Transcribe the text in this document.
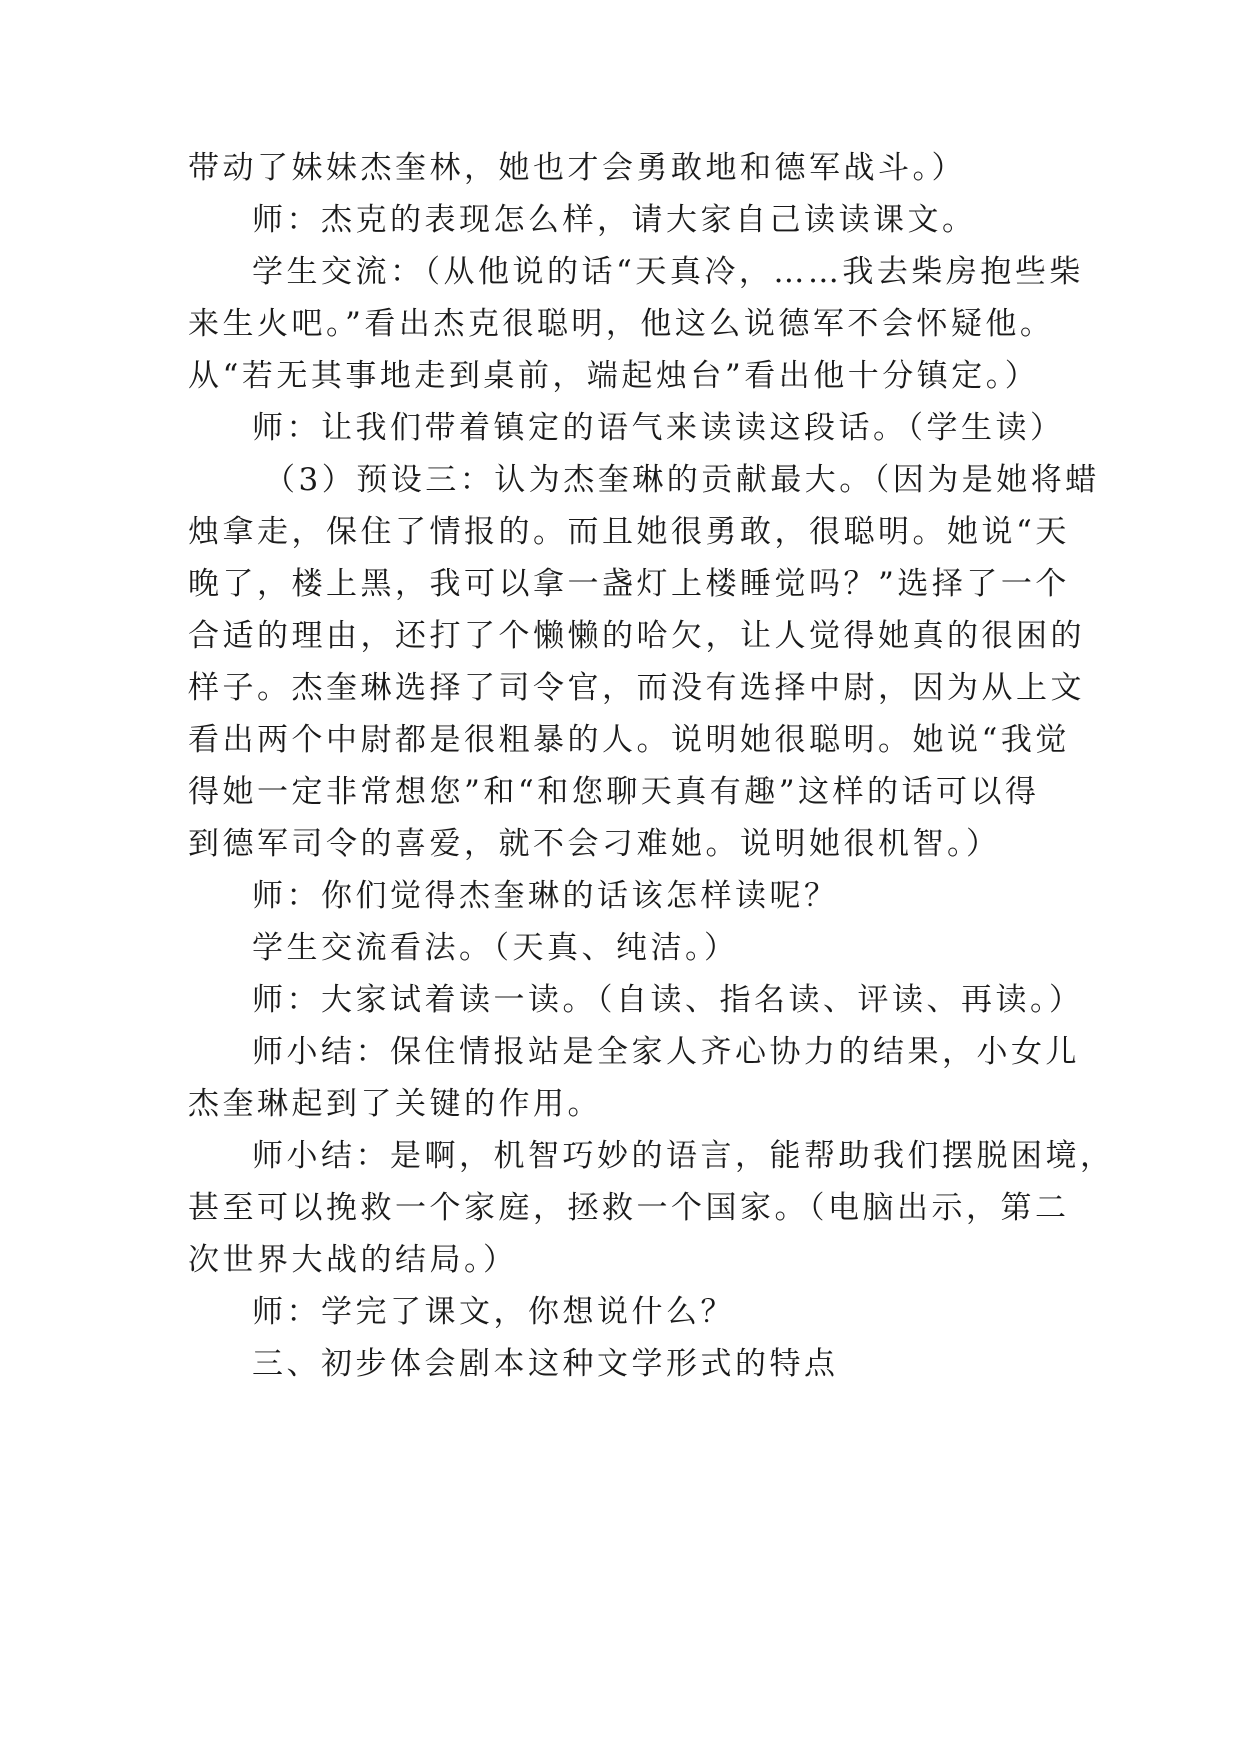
带动了妹妹杰奎林，她也才会勇敢地和德军战斗。）
师：杰克的表现怎么样，请大家自己读读课文。
学生交流：（从他说的话“天真冷，……我去柴房抱些柴
来生火吧。”看出杰克很聪明，他这么说德军不会怀疑他。
从“若无其事地走到桌前，端起烛台”看出他十分镇定。）
师：让我们带着镇定的语气来读读这段话。（学生读）
（3）预设三：认为杰奎琳的贡献最大。（因为是她将蜡
烛拿走，保住了情报的。而且她很勇敢，很聪明。她说“天
晚了，楼上黑，我可以拿一盏灯上楼睡觉吗？”选择了一个
合适的理由，还打了个懒懒的哈欠，让人觉得她真的很困的
样子。杰奎琳选择了司令官，而没有选择中尉，因为从上文
看出两个中尉都是很粗暴的人。说明她很聪明。她说“我觉
得她一定非常想您”和“和您聊天真有趣”这样的话可以得
到德军司令的喜爱，就不会刁难她。说明她很机智。）
师：你们觉得杰奎琳的话该怎样读呢？
学生交流看法。（天真、纯洁。）
师：大家试着读一读。（自读、指名读、评读、再读。）
师小结：保住情报站是全家人齐心协力的结果，小女儿
杰奎琳起到了关键的作用。
师小结：是啊，机智巧妙的语言，能帮助我们摆脱困境，
甚至可以挽救一个家庭，拯救一个国家。（电脑出示，第二
次世界大战的结局。）
师：学完了课文，你想说什么？
三、初步体会剧本这种文学形式的特点
